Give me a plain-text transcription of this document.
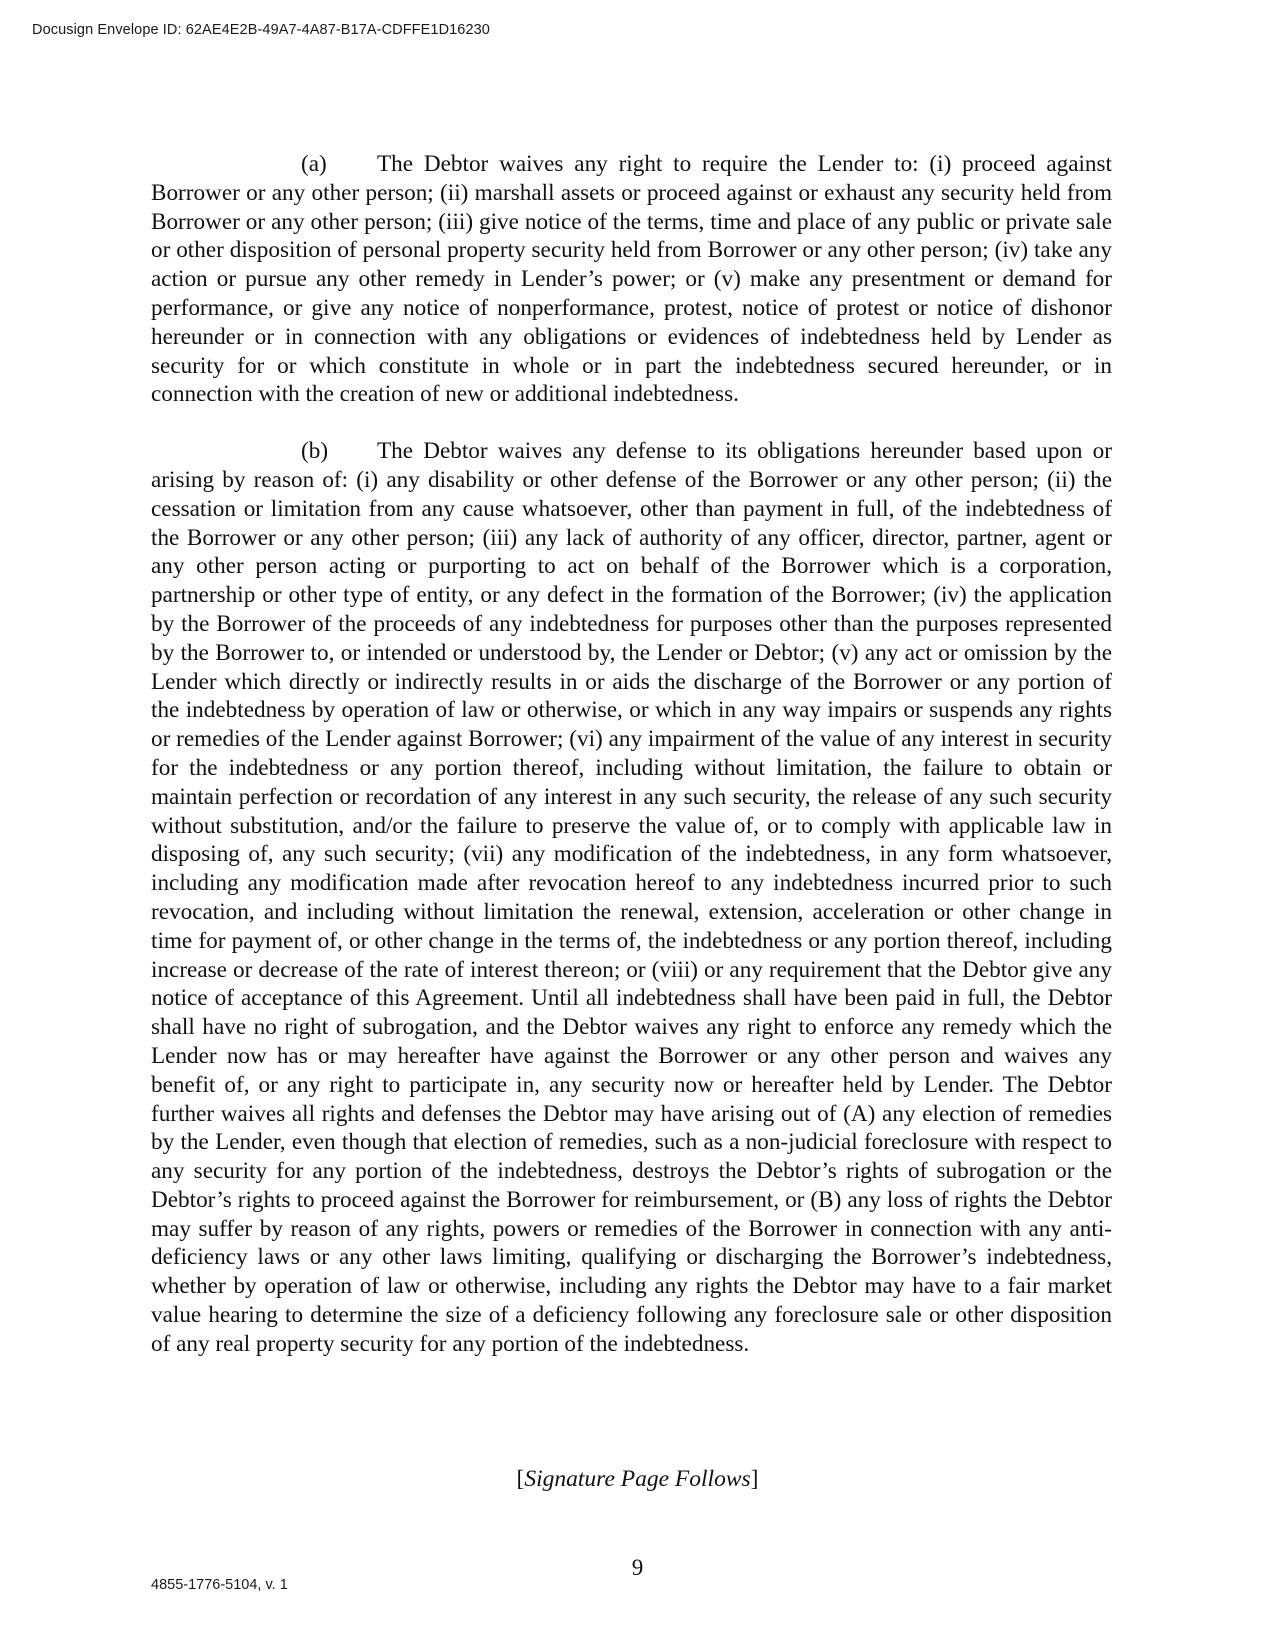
Docusign Envelope ID: 62AE4E2B-49A7-4A87-B17A-CDFFE1D16230

(a) The Debtor waives any right to require the Lender to: (i) proceed against Borrower or any other person; (ii) marshall assets or proceed against or exhaust any security held from Borrower or any other person; (iii) give notice of the terms, time and place of any public or private sale or other disposition of personal property security held from Borrower or any other person; (iv) take any action or pursue any other remedy in Lender’s power; or (v) make any presentment or demand for performance, or give any notice of nonperformance, protest, notice of protest or notice of dishonor hereunder or in connection with any obligations or evidences of indebtedness held by Lender as security for or which constitute in whole or in part the indebtedness secured hereunder, or in connection with the creation of new or additional indebtedness.

(b) The Debtor waives any defense to its obligations hereunder based upon or arising by reason of: (i) any disability or other defense of the Borrower or any other person; (ii) the cessation or limitation from any cause whatsoever, other than payment in full, of the indebtedness of the Borrower or any other person; (iii) any lack of authority of any officer, director, partner, agent or any other person acting or purporting to act on behalf of the Borrower which is a corporation, partnership or other type of entity, or any defect in the formation of the Borrower; (iv) the application by the Borrower of the proceeds of any indebtedness for purposes other than the purposes represented by the Borrower to, or intended or understood by, the Lender or Debtor; (v) any act or omission by the Lender which directly or indirectly results in or aids the discharge of the Borrower or any portion of the indebtedness by operation of law or otherwise, or which in any way impairs or suspends any rights or remedies of the Lender against Borrower; (vi) any impairment of the value of any interest in security for the indebtedness or any portion thereof, including without limitation, the failure to obtain or maintain perfection or recordation of any interest in any such security, the release of any such security without substitution, and/or the failure to preserve the value of, or to comply with applicable law in disposing of, any such security; (vii) any modification of the indebtedness, in any form whatsoever, including any modification made after revocation hereof to any indebtedness incurred prior to such revocation, and including without limitation the renewal, extension, acceleration or other change in time for payment of, or other change in the terms of, the indebtedness or any portion thereof, including increase or decrease of the rate of interest thereon; or (viii) or any requirement that the Debtor give any notice of acceptance of this Agreement. Until all indebtedness shall have been paid in full, the Debtor shall have no right of subrogation, and the Debtor waives any right to enforce any remedy which the Lender now has or may hereafter have against the Borrower or any other person and waives any benefit of, or any right to participate in, any security now or hereafter held by Lender. The Debtor further waives all rights and defenses the Debtor may have arising out of (A) any election of remedies by the Lender, even though that election of remedies, such as a non-judicial foreclosure with respect to any security for any portion of the indebtedness, destroys the Debtor’s rights of subrogation or the Debtor’s rights to proceed against the Borrower for reimbursement, or (B) any loss of rights the Debtor may suffer by reason of any rights, powers or remedies of the Borrower in connection with any anti-deficiency laws or any other laws limiting, qualifying or discharging the Borrower’s indebtedness, whether by operation of law or otherwise, including any rights the Debtor may have to a fair market value hearing to determine the size of a deficiency following any foreclosure sale or other disposition of any real property security for any portion of the indebtedness.

[Signature Page Follows]
9
4855-1776-5104, v. 1
